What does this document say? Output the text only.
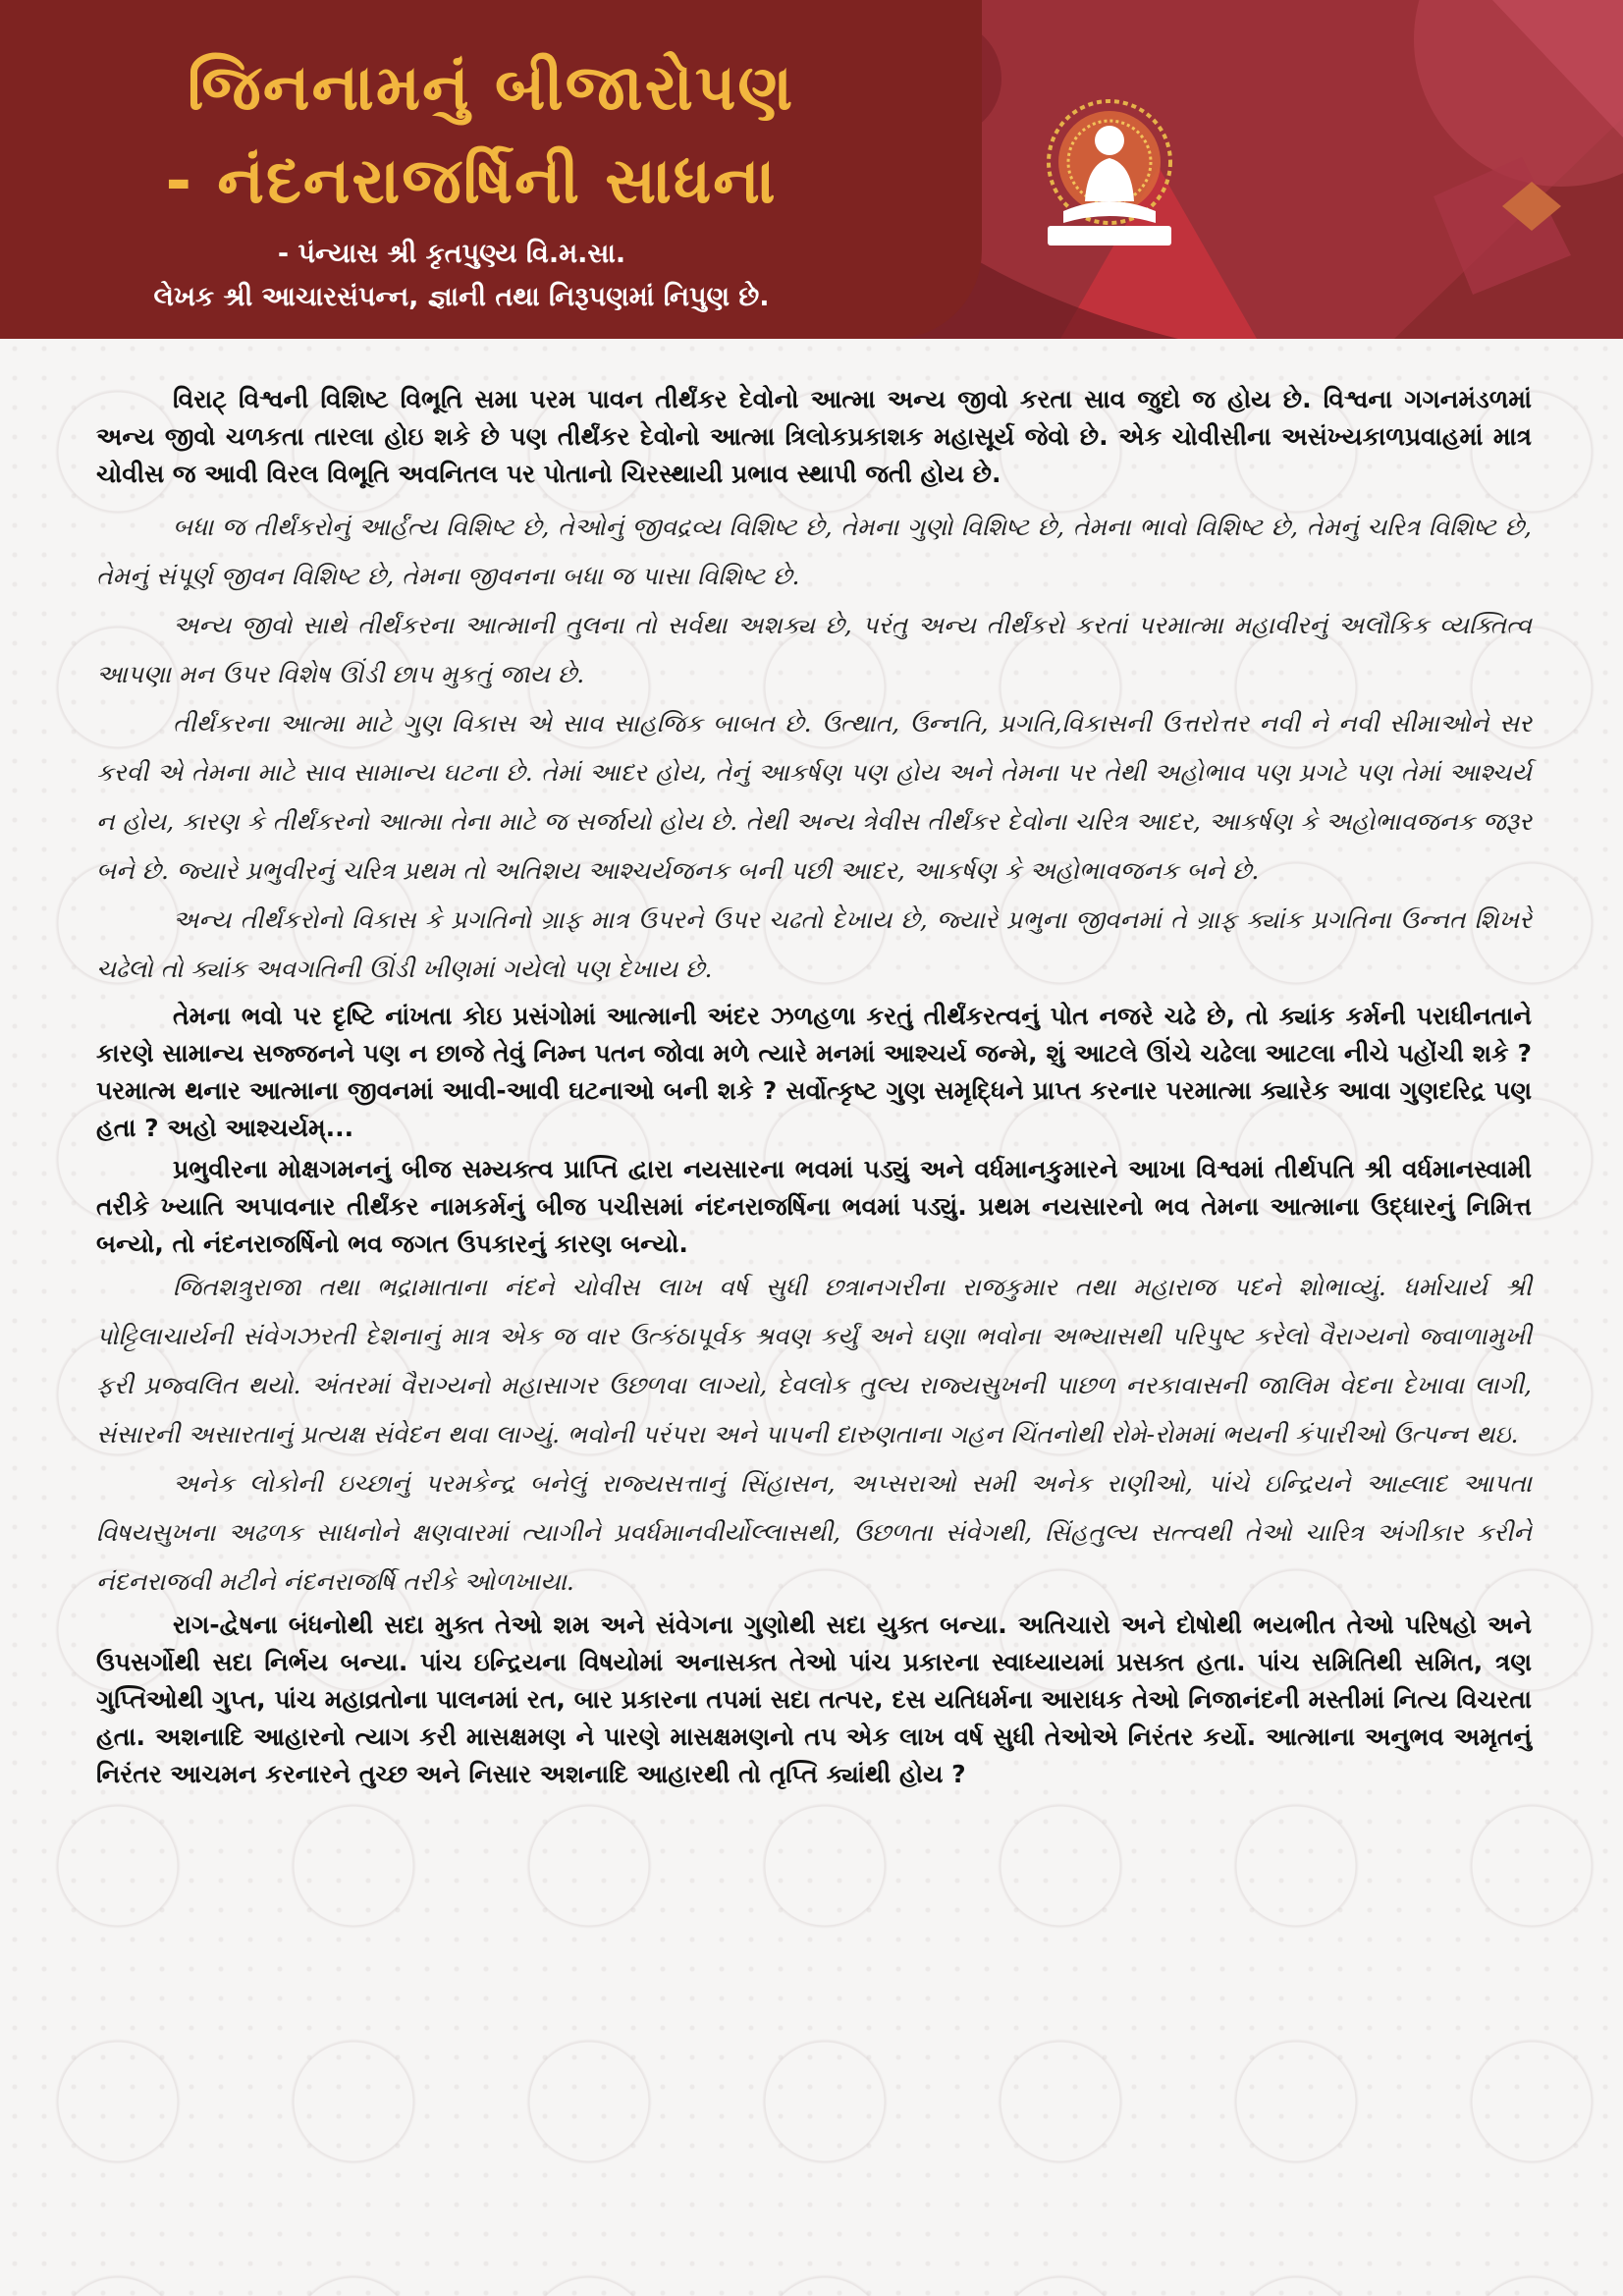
જિનનામનું બીજારોપણ
- નંદનરાજર્ષિની સાધના
- પંન્યાસ શ્રી કૃતપુણ્ય વિ.મ.સા.
લેખક શ્રી આચારસંપન્ન, જ્ઞાની તથા નિરૂપણમાં નિપુણ છે.

વિરાટ્ વિશ્વની વિશિષ્ટ વિભૂતિ સમા પરમ પાવન તીર્થંકર દેવોનો આત્મા અન્ય જીવો કરતા સાવ જુદો જ હોય છે. વિશ્વના ગગનમંડળમાં અન્ય જીવો ચળકતા તારલા હોઇ શકે છે પણ તીર્થંકર દેવોનો આત્મા ત્રિલોકપ્રકાશક મહાસૂર્ય જેવો છે. એક ચોવીસીના અસંખ્યકાળપ્રવાહમાં માત્ર ચોવીસ જ આવી વિરલ વિભૂતિ અવનિતલ પર પોતાનો ચિરસ્થાયી પ્રભાવ સ્થાપી જતી હોય છે.

બધા જ તીર્થંકરોનું આર્હંત્ય વિશિષ્ટ છે, તેઓનું જીવદ્રવ્ય વિશિષ્ટ છે, તેમના ગુણો વિશિષ્ટ છે, તેમના ભાવો વિશિષ્ટ છે, તેમનું ચરિત્ર વિશિષ્ટ છે, તેમનું સંપૂર્ણ જીવન વિશિષ્ટ છે, તેમના જીવનના બધા જ પાસા વિશિષ્ટ છે.

અન્ય જીવો સાથે તીર્થંકરના આત્માની તુલના તો સર્વથા અશક્ય છે, પરંતુ અન્ય તીર્થંકરો કરતાં પરમાત્મા મહાવીરનું અલૌકિક વ્યક્તિત્વ આપણા મન ઉપર વિશેષ ઊંડી છાપ મુકતું જાય છે.

તીર્થંકરના આત્મા માટે ગુણ વિકાસ એ સાવ સાહજિક બાબત છે. ઉત્થાત, ઉન્નતિ, પ્રગતિ,વિકાસની ઉત્તરોત્તર નવી ને નવી સીમાઓને સર કરવી એ તેમના માટે સાવ સામાન્ય ઘટના છે. તેમાં આદર હોય, તેનું આકર્ષણ પણ હોય અને તેમના પર તેથી અહોભાવ પણ પ્રગટે પણ તેમાં આશ્ચર્ય ન હોય, કારણ કે તીર્થંકરનો આત્મા તેના માટે જ સર્જાયો હોય છે. તેથી અન્ય ત્રેવીસ તીર્થંકર દેવોના ચરિત્ર આદર, આકર્ષણ કે અહોભાવજનક જરૂર બને છે. જ્યારે પ્રભુવીરનું ચરિત્ર પ્રથમ તો અતિશય આશ્ચર્યજનક બની પછી આદર, આકર્ષણ કે અહોભાવજનક બને છે.

અન્ય તીર્થંકરોનો વિકાસ કે પ્રગતિનો ગ્રાફ માત્ર ઉપરને ઉપર ચઢતો દેખાય છે, જ્યારે પ્રભુના જીવનમાં તે ગ્રાફ ક્યાંક પ્રગતિના ઉન્નત શિખરે ચઢેલો તો ક્યાંક અવગતિની ઊંડી ખીણમાં ગયેલો પણ દેખાય છે.

તેમના ભવો પર દૃષ્ટિ નાંખતા કોઇ પ્રસંગોમાં આત્માની અંદર ઝળહળા કરતું તીર્થંકરત્વનું પોત નજરે ચઢે છે, તો ક્યાંક કર્મની પરાધીનતાને કારણે સામાન્ય સજ્જનને પણ ન છાજે તેવું નિમ્ન પતન જોવા મળે ત્યારે મનમાં આશ્ચર્ય જન્મે, શું આટલે ઊંચે ચઢેલા આટલા નીચે પહોંચી શકે ? પરમાત્મ થનાર આત્માના જીવનમાં આવી-આવી ઘટનાઓ બની શકે ? સર્વોત્કૃષ્ટ ગુણ સમૃદ્ધિને પ્રાપ્ત કરનાર પરમાત્મા ક્યારેક આવા ગુણદરિદ્ર પણ હતા ? અહો આશ્ચર્યમ્...

પ્રભુવીરના મોક્ષગમનનું બીજ સમ્યક્ત્વ પ્રાપ્તિ દ્વારા નયસારના ભવમાં પડ્યું અને વર્ધમાનકુમારને આખા વિશ્વમાં તીર્થપતિ શ્રી વર્ધમાનસ્વામી તરીકે ખ્યાતિ અપાવનાર તીર્થંકર નામકર્મનું બીજ પચીસમાં નંદનરાજર્ષિના ભવમાં પડ્યું. પ્રથમ નયસારનો ભવ તેમના આત્માના ઉદ્ધારનું નિમિત્ત બન્યો, તો નંદનરાજર્ષિનો ભવ જગત ઉપકારનું કારણ બન્યો.

જિતશત્રુરાજા તથા ભદ્રામાતાના નંદને ચોવીસ લાખ વર્ષ સુધી છત્રાનગરીના રાજકુમાર તથા મહારાજ પદને શોભાવ્યું. ધર્માચાર્ય શ્રી પોટ્ટિલાચાર્યની સંવેગઝરતી દેશનાનું માત્ર એક જ વાર ઉત્કંઠાપૂર્વક શ્રવણ કર્યું અને ઘણા ભવોના અભ્યાસથી પરિપુષ્ટ કરેલો વૈરાગ્યનો જ્વાળામુખી ફરી પ્રજ્વલિત થયો. અંતરમાં વૈરાગ્યનો મહાસાગર ઉછળવા લાગ્યો, દેવલોક તુલ્ય રાજ્યસુખની પાછળ નરકાવાસની જાલિમ વેદના દેખાવા લાગી, સંસારની અસારતાનું પ્રત્યક્ષ સંવેદન થવા લાગ્યું. ભવોની પરંપરા અને પાપની દારુણતાના ગહન ચિંતનોથી રોમે-રોમમાં ભયની કંપારીઓ ઉત્પન્ન થઇ.

અનેક લોકોની ઇચ્છાનું પરમકેન્દ્ર બનેલું રાજ્યસત્તાનું સિંહાસન, અપ્સરાઓ સમી અનેક રાણીઓ, પાંચે ઇન્દ્રિયને આહ્લાદ આપતા વિષયસુખના અઢળક સાધનોને ક્ષણવારમાં ત્યાગીને પ્રવર્ધમાનવીર્યોલ્લાસથી, ઉછળતા સંવેગથી, સિંહતુલ્ય સત્ત્વથી તેઓ ચારિત્ર અંગીકાર કરીને નંદનરાજવી મટીને નંદનરાજર્ષિ તરીકે ઓળખાયા.

રાગ-દ્વેષના બંધનોથી સદા મુક્ત તેઓ શમ અને સંવેગના ગુણોથી સદા યુક્ત બન્યા. અતિચારો અને દોષોથી ભયભીત તેઓ પરિષહો અને ઉપસર્ગોથી સદા નિર્ભય બન્યા. પાંચ ઇન્દ્રિયના વિષયોમાં અનાસક્ત તેઓ પાંચ પ્રકારના સ્વાધ્યાયમાં પ્રસક્ત હતા. પાંચ સમિતિથી સમિત, ત્રણ ગુપ્તિઓથી ગુપ્ત, પાંચ મહાવ્રતોના પાલનમાં રત, બાર પ્રકારના તપમાં સદા તત્પર, દસ યતિધર્મના આરાધક તેઓ નિજાનંદની મસ્તીમાં નિત્ય વિચરતા હતા. અશનાદિ આહારનો ત્યાગ કરી માસક્ષમણ ને પારણે માસક્ષમણનો તપ એક લાખ વર્ષ સુધી તેઓએ નિરંતર કર્યો. આત્માના અનુભવ અમૃતનું નિરંતર આચમન કરનારને તુચ્છ અને નિસાર અશનાદિ આહારથી તો તૃપ્તિ ક્યાંથી હોય ?
